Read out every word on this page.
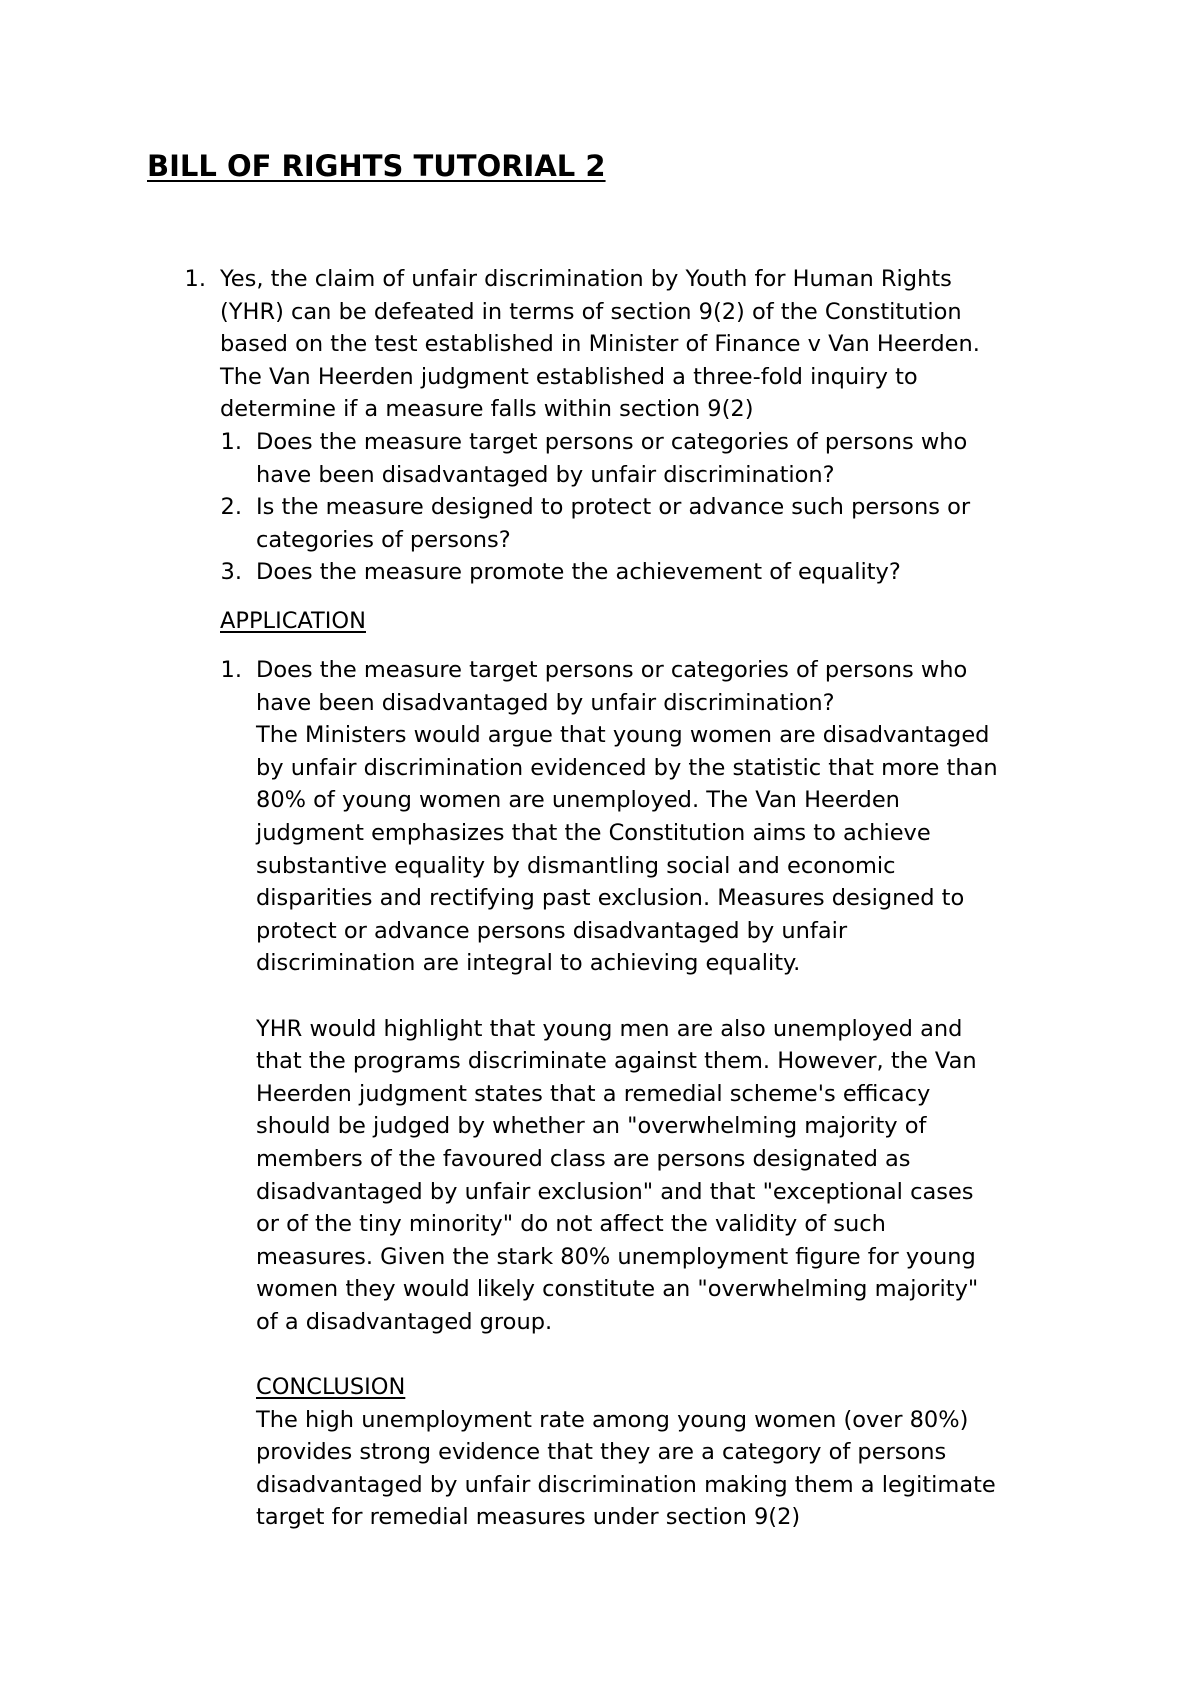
BILL OF RIGHTS TUTORIAL 2
1. Yes, the claim of unfair discrimination by Youth for Human Rights

(YHR) can be defeated in terms of section 9(2) of the Constitution

based on the test established in Minister of Finance v Van Heerden.

The Van Heerden judgment established a three-fold inquiry to

determine if a measure falls within section 9(2)

1. Does the measure target persons or categories of persons who

have been disadvantaged by unfair discrimination?

2. Is the measure designed to protect or advance such persons or

categories of persons?

3. Does the measure promote the achievement of equality?

APPLICATION
1. Does the measure target persons or categories of persons who

have been disadvantaged by unfair discrimination?

The Ministers would argue that young women are disadvantaged

by unfair discrimination evidenced by the statistic that more than

80% of young women are unemployed. The Van Heerden

judgment emphasizes that the Constitution aims to achieve

substantive equality by dismantling social and economic

disparities and rectifying past exclusion. Measures designed to

protect or advance persons disadvantaged by unfair

discrimination are integral to achieving equality.

YHR would highlight that young men are also unemployed and

that the programs discriminate against them. However, the Van

Heerden judgment states that a remedial scheme's efficacy

should be judged by whether an "overwhelming majority of

members of the favoured class are persons designated as

disadvantaged by unfair exclusion" and that "exceptional cases

or of the tiny minority" do not affect the validity of such

measures. Given the stark 80% unemployment figure for young

women they would likely constitute an "overwhelming majority"

of a disadvantaged group.

CONCLUSION

The high unemployment rate among young women (over 80%)

provides strong evidence that they are a category of persons

disadvantaged by unfair discrimination making them a legitimate

target for remedial measures under section 9(2)
